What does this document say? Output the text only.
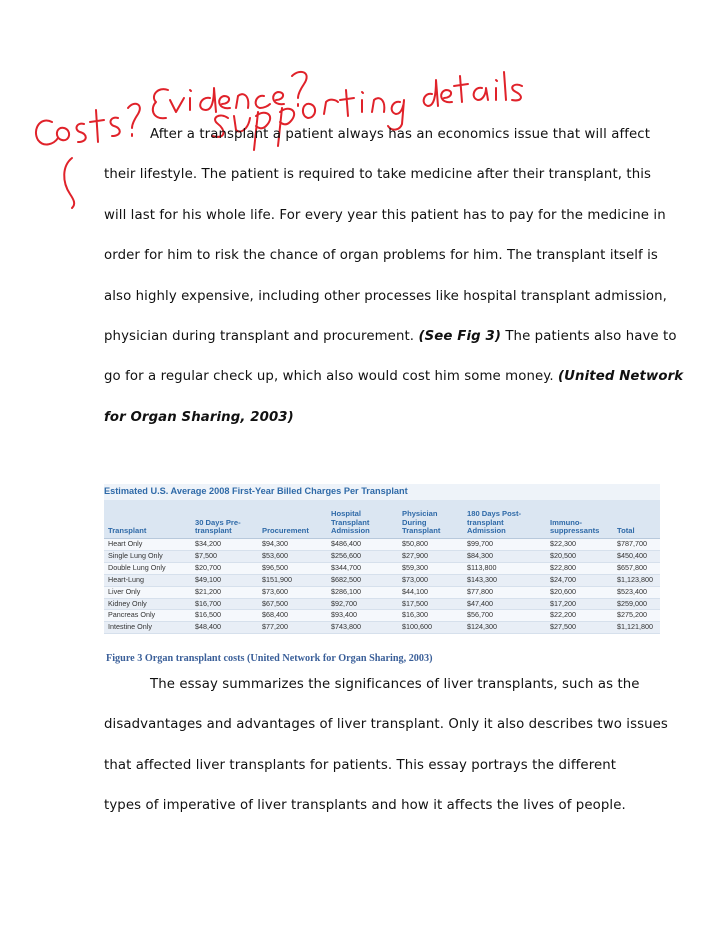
After a transplant a patient always has an economics issue that will affect
their lifestyle. The patient is required to take medicine after their transplant, this
will last for his whole life. For every year this patient has to pay for the medicine in
order for him to risk the chance of organ problems for him. The transplant itself is
also highly expensive, including other processes like hospital transplant admission,
physician during transplant and procurement. (See Fig 3) The patients also have to
go for a regular check up, which also would cost him some money. (United Network
for Organ Sharing, 2003)
Estimated U.S. Average 2008 First-Year Billed Charges Per Transplant
Transplant	30 Days Pre-transplant	Procurement	Hospital Transplant Admission	Physician During Transplant	180 Days Post-transplant Admission	Immuno-suppressants	Total
Heart Only	$34,200	$94,300	$486,400	$50,800	$99,700	$22,300	$787,700
Single Lung Only	$7,500	$53,600	$256,600	$27,900	$84,300	$20,500	$450,400
Double Lung Only	$20,700	$96,500	$344,700	$59,300	$113,800	$22,800	$657,800
Heart-Lung	$49,100	$151,900	$682,500	$73,000	$143,300	$24,700	$1,123,800
Liver Only	$21,200	$73,600	$286,100	$44,100	$77,800	$20,600	$523,400
Kidney Only	$16,700	$67,500	$92,700	$17,500	$47,400	$17,200	$259,000
Pancreas Only	$16,500	$68,400	$93,400	$16,300	$56,700	$22,200	$275,200
Intestine Only	$48,400	$77,200	$743,800	$100,600	$124,300	$27,500	$1,121,800
Figure 3 Organ transplant costs (United Network for Organ Sharing, 2003)
The essay summarizes the significances of liver transplants, such as the
disadvantages and advantages of liver transplant. Only it also describes two issues
that affected liver transplants for patients. This essay portrays the different
types of imperative of liver transplants and how it affects the lives of people.
